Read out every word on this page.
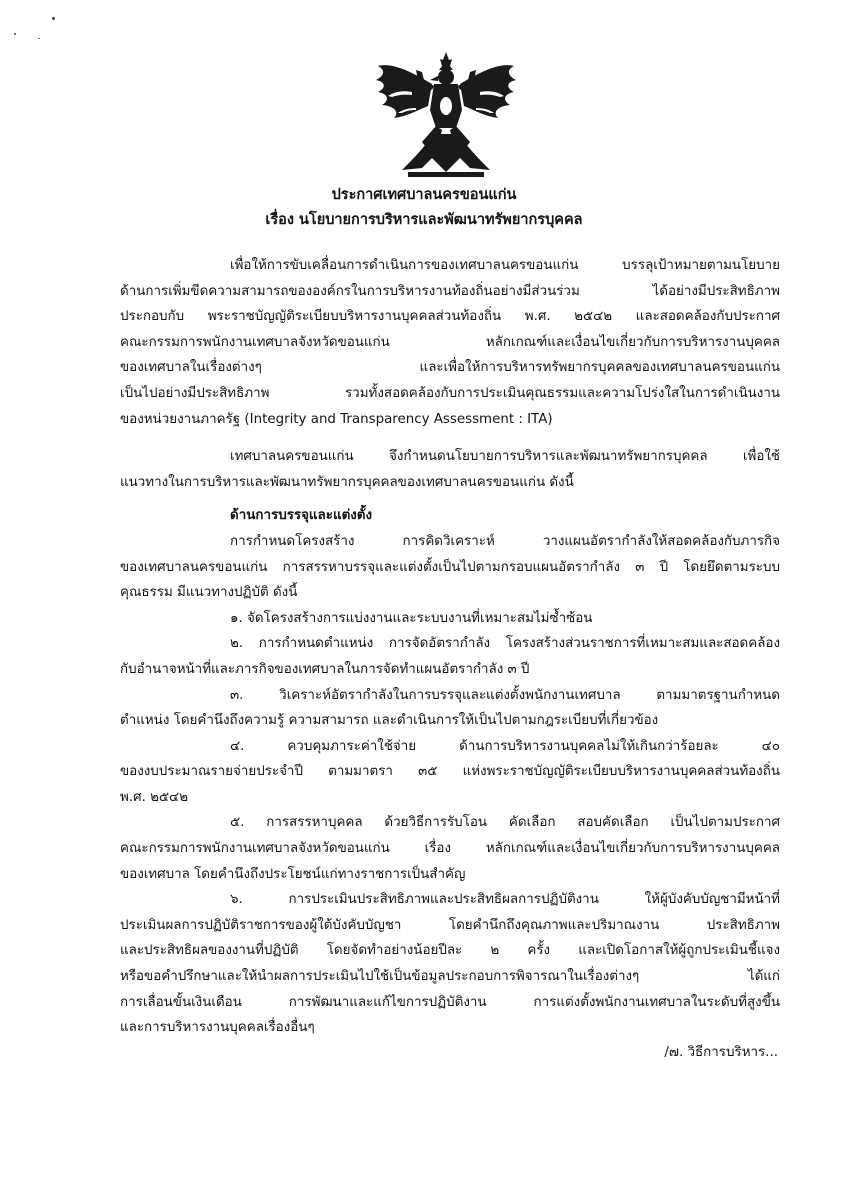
ประกาศเทศบาลนครขอนแก่น
เรื่อง นโยบายการบริหารและพัฒนาทรัพยากรบุคคล
เพื่อให้การขับเคลื่อนการดำเนินการของเทศบาลนครขอนแก่น บรรลุเป้าหมายตามนโยบาย
ด้านการเพิ่มขีดความสามารถขององค์กรในการบริหารงานท้องถิ่นอย่างมีส่วนร่วม ได้อย่างมีประสิทธิภาพ
ประกอบกับ พระราชบัญญัติระเบียบบริหารงานบุคคลส่วนท้องถิ่น พ.ศ. ๒๕๔๒ และสอดคล้องกับประกาศ
คณะกรรมการพนักงานเทศบาลจังหวัดขอนแก่น หลักเกณฑ์และเงื่อนไขเกี่ยวกับการบริหารงานบุคคล
ของเทศบาลในเรื่องต่างๆ และเพื่อให้การบริหารทรัพยากรบุคคลของเทศบาลนครขอนแก่น
เป็นไปอย่างมีประสิทธิภาพ รวมทั้งสอดคล้องกับการประเมินคุณธรรมและความโปร่งใสในการดำเนินงาน
ของหน่วยงานภาครัฐ (Integrity and Transparency Assessment : ITA)
เทศบาลนครขอนแก่น จึงกำหนดนโยบายการบริหารและพัฒนาทรัพยากรบุคคล เพื่อใช้
แนวทางในการบริหารและพัฒนาทรัพยากรบุคคลของเทศบาลนครขอนแก่น ดังนี้
ด้านการบรรจุและแต่งตั้ง
การกำหนดโครงสร้าง การคิดวิเคราะห์ วางแผนอัตรากำลังให้สอดคล้องกับภารกิจ
ของเทศบาลนครขอนแก่น การสรรหาบรรจุและแต่งตั้งเป็นไปตามกรอบแผนอัตรากำลัง ๓ ปี โดยยึดตามระบบ
คุณธรรม มีแนวทางปฏิบัติ ดังนี้
๑. จัดโครงสร้างการแบ่งงานและระบบงานที่เหมาะสมไม่ซ้ำซ้อน
๒. การกำหนดตำแหน่ง การจัดอัตรากำลัง โครงสร้างส่วนราชการที่เหมาะสมและสอดคล้อง
กับอำนาจหน้าที่และภารกิจของเทศบาลในการจัดทำแผนอัตรากำลัง ๓ ปี
๓. วิเคราะห์อัตรากำลังในการบรรจุและแต่งตั้งพนักงานเทศบาล ตามมาตรฐานกำหนด
ตำแหน่ง โดยคำนึงถึงความรู้ ความสามารถ และดำเนินการให้เป็นไปตามกฎระเบียบที่เกี่ยวข้อง
๔. ควบคุมภาระค่าใช้จ่าย ด้านการบริหารงานบุคคลไม่ให้เกินกว่าร้อยละ ๔๐
ของงบประมาณรายจ่ายประจำปี ตามมาตรา ๓๕ แห่งพระราชบัญญัติระเบียบบริหารงานบุคคลส่วนท้องถิ่น
พ.ศ. ๒๕๔๒
๕. การสรรหาบุคคล ด้วยวิธีการรับโอน คัดเลือก สอบคัดเลือก เป็นไปตามประกาศ
คณะกรรมการพนักงานเทศบาลจังหวัดขอนแก่น เรื่อง หลักเกณฑ์และเงื่อนไขเกี่ยวกับการบริหารงานบุคคล
ของเทศบาล โดยคำนึงถึงประโยชน์แก่ทางราชการเป็นสำคัญ
๖. การประเมินประสิทธิภาพและประสิทธิผลการปฏิบัติงาน ให้ผู้บังคับบัญชามีหน้าที่
ประเมินผลการปฏิบัติราชการของผู้ใต้บังคับบัญชา โดยคำนึกถึงคุณภาพและปริมาณงาน ประสิทธิภาพ
และประสิทธิผลของงานที่ปฏิบัติ โดยจัดทำอย่างน้อยปีละ ๒ ครั้ง และเปิดโอกาสให้ผู้ถูกประเมินชี้แจง
หรือขอคำปรึกษาและให้นำผลการประเมินไปใช้เป็นข้อมูลประกอบการพิจารณาในเรื่องต่างๆ ได้แก่
การเลื่อนขั้นเงินเดือน การพัฒนาและแก้ไขการปฏิบัติงาน การแต่งตั้งพนักงานเทศบาลในระดับที่สูงขึ้น
และการบริหารงานบุคคลเรื่องอื่นๆ
/๗. วิธีการบริหาร...
